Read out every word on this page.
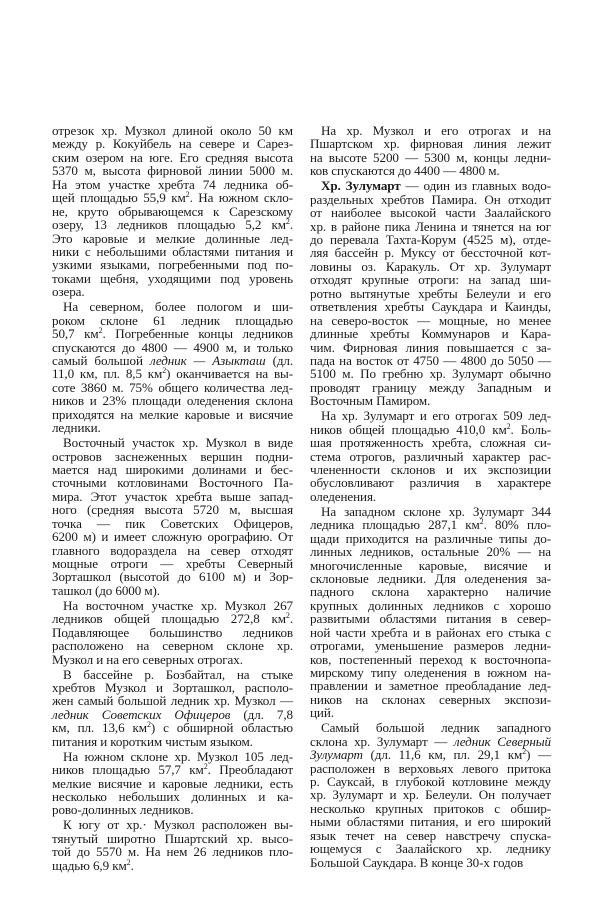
отрезок хр. Музкол длиной около 50 км
между р. Кокуйбель на севере и Сарез-
ским озером на юге. Его средняя высота
5370 м, высота фирновой линии 5000 м.
На этом участке хребта 74 ледника об-
щей площадью 55,9 $км^2$. На южном скло-
не, круто обрывающемся к Сарезскому
озеру, 13 ледников площадью 5,2 $км^2$.
Это каровые и мелкие долинные лед-
ники с небольшими областями питания и
узкими языками, погребенными под по-
токами щебня, уходящими под уровень
озера.
На северном, более пологом и ши-
роком склоне 61 ледник площадью
50,7 $км^2$. Погребенные концы ледников
спускаются до 4800 — 4900 м, и только
самый большой ледник — Азыкташ (дл.
11,0 км, пл. 8,5 $км^2$) оканчивается на вы-
соте 3860 м. 75% общего количества лед-
ников и 23% площади оледенения склона
приходятся на мелкие каровые и висячие
ледники.
Восточный участок хр. Музкол в виде
островов заснеженных вершин подни-
мается над широкими долинами и бес-
сточными котловинами Восточного Па-
мира. Этот участок хребта выше запад-
ного (средняя высота 5720 м, высшая
точка — пик Советских Офицеров,
6200 м) и имеет сложную орографию. От
главного водораздела на север отходят
мощные отроги — хребты Северный
Зорташкол (высотой до 6100 м) и Зор-
ташкол (до 6000 м).
На восточном участке хр. Музкол 267
ледников общей площадью 272,8 $км^2$.
Подавляющее большинство ледников
расположено на северном склоне хр.
Музкол и на его северных отрогах.
В бассейне р. Бозбайтал, на стыке
хребтов Музкол и Зорташкол, располо-
жен самый большой ледник хр. Музкол —
ледник Советских Офицеров (дл. 7,8
км, пл. 13,6 $км^2$) с обширной областью
питания и коротким чистым языком.
На южном склоне хр. Музкол 105 лед-
ников площадью 57,7 $км^2$. Преобладают
мелкие висячие и каровые ледники, есть
несколько небольших долинных и ка-
рово-долинных ледников.
К югу от хр.· Музкол расположен вы-
тянутый широтно Пшартский хр. высо-
той до 5570 м. На нем 26 ледников пло-
щадью 6,9 $км^2$.
На хр. Музкол и его отрогах и на
Пшартском хр. фирновая линия лежит
на высоте 5200 — 5300 м, концы ледни-
ков спускаются до 4400 — 4800 м.
Хр. Зулумарт — один из главных водо-
раздельных хребтов Памира. Он отходит
от наиболее высокой части Заалайского
хр. в районе пика Ленина и тянется на юг
до перевала Тахта-Корум (4525 м), отде-
ляя бассейн р. Муксу от бессточной кот-
ловины оз. Каракуль. От хр. Зулумарт
отходят крупные отроги: на запад ши-
ротно вытянутые хребты Белеули и его
ответвления хребты Саукдара и Каинды,
на северо-восток — мощные, но менее
длинные хребты Коммунаров и Кара-
чим. Фирновая линия повышается с за-
пада на восток от 4750 — 4800 до 5050 —
5100 м. По гребню хр. Зулумарт обычно
проводят границу между Западным и
Восточным Памиром.
На хр. Зулумарт и его отрогах 509 лед-
ников общей площадью 410,0 $км^2$. Боль-
шая протяженность хребта, сложная си-
стема отрогов, различный характер рас-
члененности склонов и их экспозиции
обусловливают различия в характере
оледенения.
На западном склоне хр. Зулумарт 344
ледника площадью 287,1 $км^2$. 80% пло-
щади приходится на различные типы до-
линных ледников, остальные 20% — на
многочисленные каровые, висячие и
склоновые ледники. Для оледенения за-
падного склона характерно наличие
крупных долинных ледников с хорошо
развитыми областями питания в север-
ной части хребта и в районах его стыка с
отрогами, уменьшение размеров ледни-
ков, постепенный переход к восточнопа-
мирскому типу оледенения в южном на-
правлении и заметное преобладание лед-
ников на склонах северных экспози-
ций.
Самый большой ледник западного
склона хр. Зулумарт — ледник Северный
Зулумарт (дл. 11,6 км, пл. 29,1 $км^2$) —
расположен в верховьях левого притока
р. Сауксай, в глубокой котловине между
хр. Зулумарт и хр. Белеули. Он получает
несколько крупных притоков с обшир-
ными областями питания, и его широкий
язык течет на север навстречу спуска-
ющемуся с Заалайского хр. леднику
Большой Саукдара. В конце 30-х годов
